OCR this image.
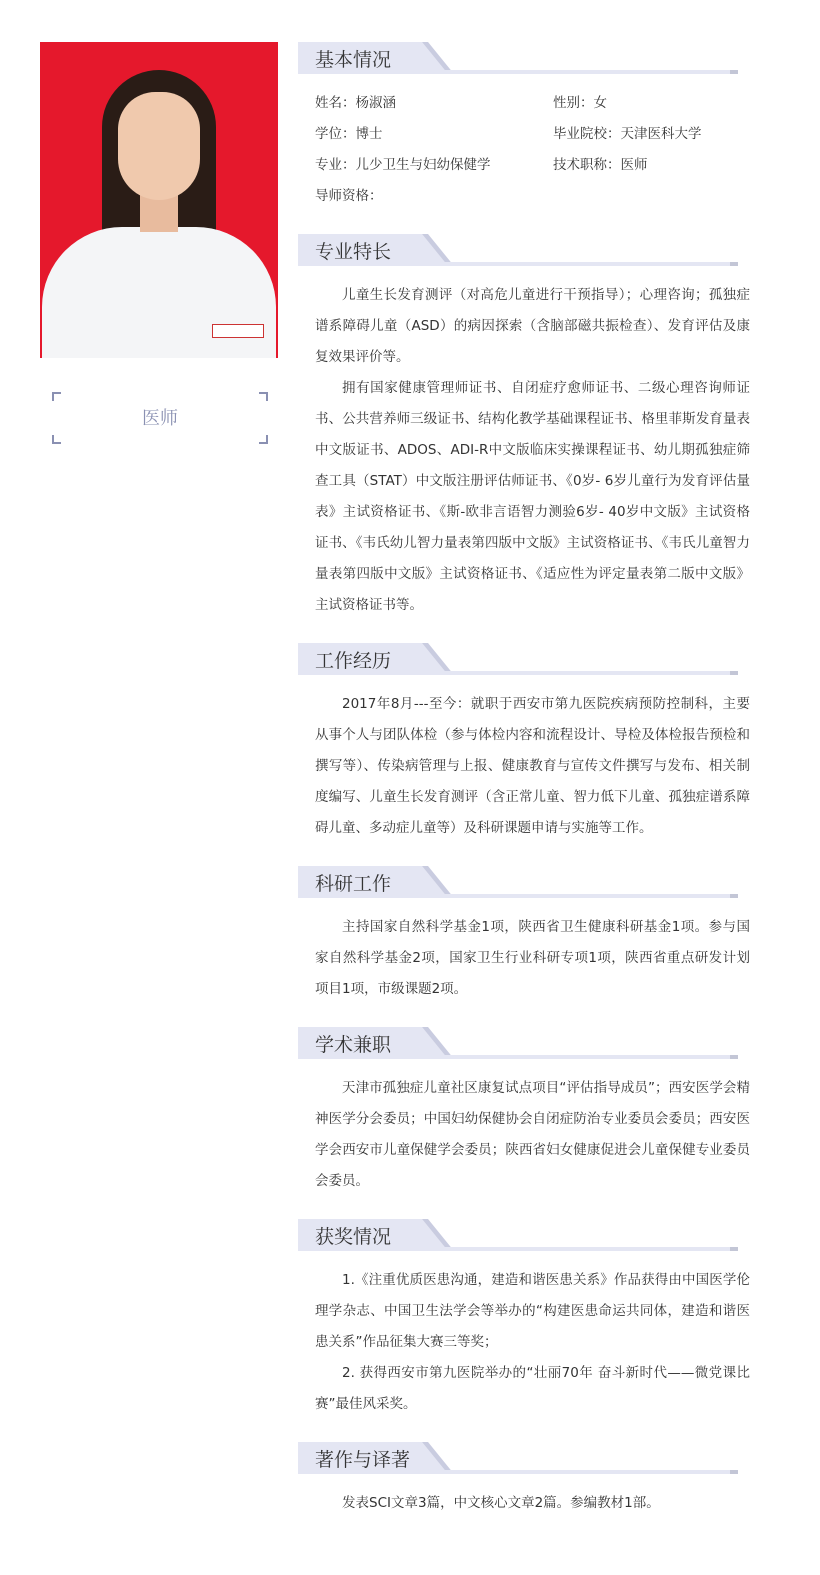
医师
基本情况
姓名：杨淑涵	性别：女
学位：博士	毕业院校：天津医科大学
专业：儿少卫生与妇幼保健学	技术职称：医师
导师资格：
专业特长

儿童生长发育测评（对高危儿童进行干预指导）；心理咨询；孤独症谱系障碍儿童（ASD）的病因探索（含脑部磁共振检查）、发育评估及康复效果评价等。

拥有国家健康管理师证书、自闭症疗愈师证书、二级心理咨询师证书、公共营养师三级证书、结构化教学基础课程证书、格里菲斯发育量表中文版证书、ADOS、ADI-R中文版临床实操课程证书、幼儿期孤独症筛查工具（STAT）中文版注册评估师证书、《0岁- 6岁儿童行为发育评估量表》主试资格证书、《斯-欧非言语智力测验6岁- 40岁中文版》主试资格证书、《韦氏幼儿智力量表第四版中文版》主试资格证书、《韦氏儿童智力量表第四版中文版》主试资格证书、《适应性为评定量表第二版中文版》主试资格证书等。

工作经历

2017年8月---至今：就职于西安市第九医院疾病预防控制科，主要从事个人与团队体检（参与体检内容和流程设计、导检及体检报告预检和撰写等）、传染病管理与上报、健康教育与宣传文件撰写与发布、相关制度编写、儿童生长发育测评（含正常儿童、智力低下儿童、孤独症谱系障碍儿童、多动症儿童等）及科研课题申请与实施等工作。

科研工作

主持国家自然科学基金1项，陕西省卫生健康科研基金1项。参与国家自然科学基金2项，国家卫生行业科研专项1项，陕西省重点研发计划项目1项，市级课题2项。

学术兼职

天津市孤独症儿童社区康复试点项目“评估指导成员”；西安医学会精神医学分会委员；中国妇幼保健协会自闭症防治专业委员会委员；西安医学会西安市儿童保健学会委员；陕西省妇女健康促进会儿童保健专业委员会委员。

获奖情况

1.《注重优质医患沟通，建造和谐医患关系》作品获得由中国医学伦理学杂志、中国卫生法学会等举办的“构建医患命运共同体，建造和谐医患关系”作品征集大赛三等奖；

2. 获得西安市第九医院举办的“壮丽70年 奋斗新时代——微党课比赛”最佳风采奖。

著作与译著

发表SCI文章3篇，中文核心文章2篇。参编教材1部。
